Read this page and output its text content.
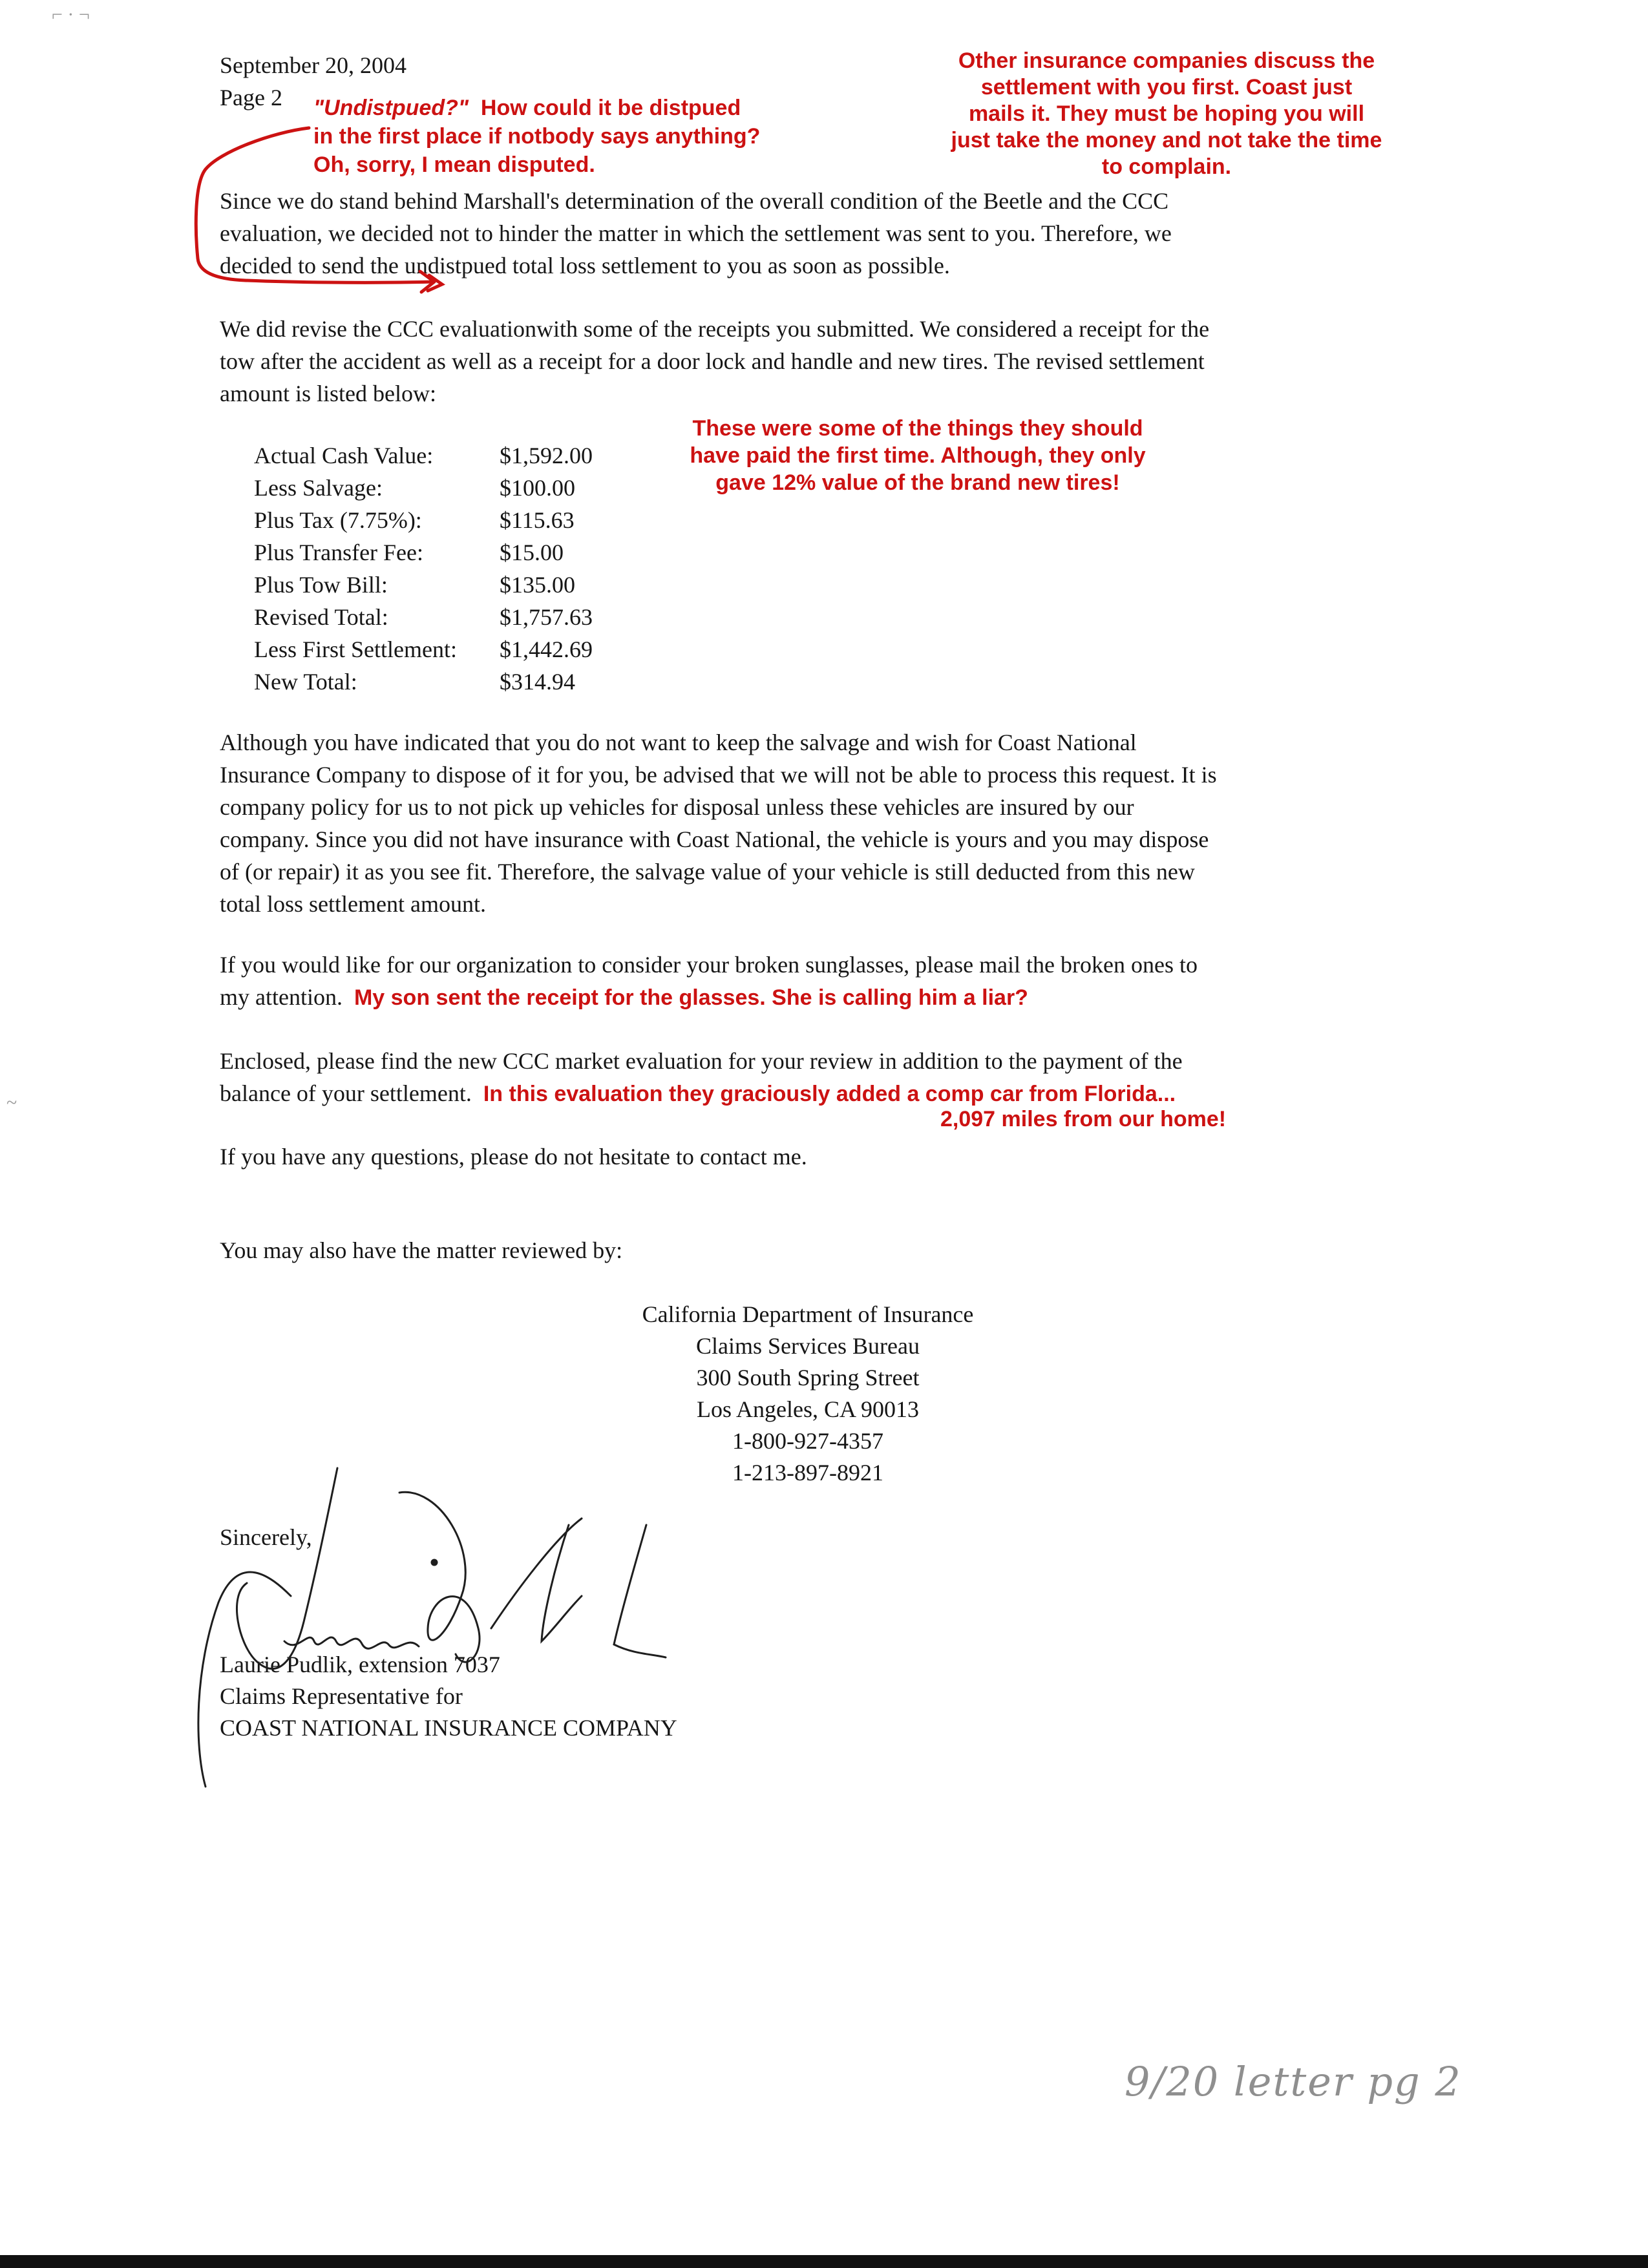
September 20, 2004
Page 2 "Undistpued?" How could it be distpued
in the first place if notbody says anything?
Oh, sorry, I mean disputed.
Other insurance companies discuss the
settlement with you first. Coast just
mails it. They must be hoping you will
just take the money and not take the time
to complain.

Since we do stand behind Marshall's determination of the overall condition of the Beetle and the CCC

evaluation, we decided not to hinder the matter in which the settlement was sent to you. Therefore, we

decided to send the undistpued total loss settlement to you as soon as possible.

We did revise the CCC evaluationwith some of the receipts you submitted. We considered a receipt for the

tow after the accident as well as a receipt for a door lock and handle and new tires. The revised settlement

amount is listed below:

Actual Cash Value:	$1,592.00
Less Salvage:	$100.00
Plus Tax (7.75%):	$115.63
Plus Transfer Fee:	$15.00
Plus Tow Bill:	$135.00
Revised Total:	$1,757.63
Less First Settlement:	$1,442.69
New Total:	$314.94
These were some of the things they should
have paid the first time. Although, they only
gave 12% value of the brand new tires!

Although you have indicated that you do not want to keep the salvage and wish for Coast National

Insurance Company to dispose of it for you, be advised that we will not be able to process this request. It is

company policy for us to not pick up vehicles for disposal unless these vehicles are insured by our

company. Since you did not have insurance with Coast National, the vehicle is yours and you may dispose

of (or repair) it as you see fit. Therefore, the salvage value of your vehicle is still deducted from this new

total loss settlement amount.

If you would like for our organization to consider your broken sunglasses, please mail the broken ones to

my attention. My son sent the receipt for the glasses. She is calling him a liar?

Enclosed, please find the new CCC market evaluation for your review in addition to the payment of the

balance of your settlement. In this evaluation they graciously added a comp car from Florida...

2,097 miles from our home!
If you have any questions, please do not hesitate to contact me.
You may also have the matter reviewed by:
California Department of Insurance
Claims Services Bureau
300 South Spring Street
Los Angeles, CA 90013
1-800-927-4357
1-213-897-8921
Sincerely,
Laurie Pudlik, extension 7037
Claims Representative for
COAST NATIONAL INSURANCE COMPANY
9/20 letter pg 2
⌐ · ¬
~
